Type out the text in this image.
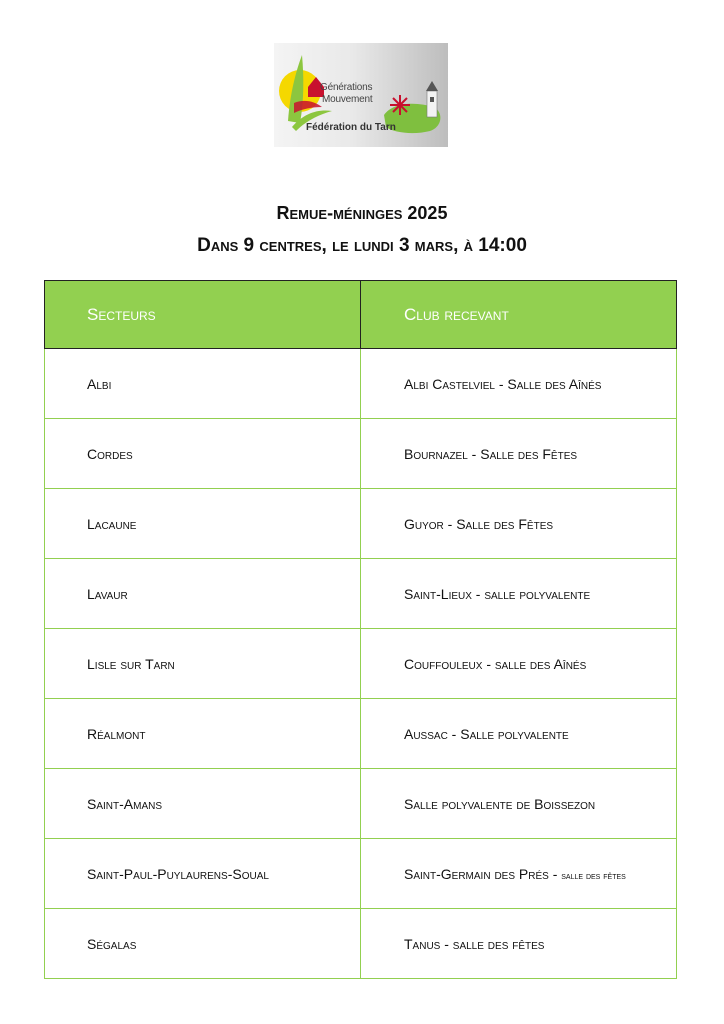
Générations
Mouvement
Fédération du Tarn
Remue-méninges 2025
Dans 9 centres, le lundi 3 mars, à 14:00
Secteurs	Club recevant
Albi	Albi Castelviel - Salle des Aînés
Cordes	Bournazel - Salle des Fêtes
Lacaune	Guyor - Salle des Fêtes
Lavaur	Saint-Lieux - salle polyvalente
Lisle sur Tarn	Couffouleux - salle des Aînés
Réalmont	Aussac - Salle polyvalente
Saint-Amans	Salle polyvalente de Boissezon
Saint-Paul-Puylaurens-Soual	Saint-Germain des Prés - salle des fêtes
Ségalas	Tanus - salle des fêtes
